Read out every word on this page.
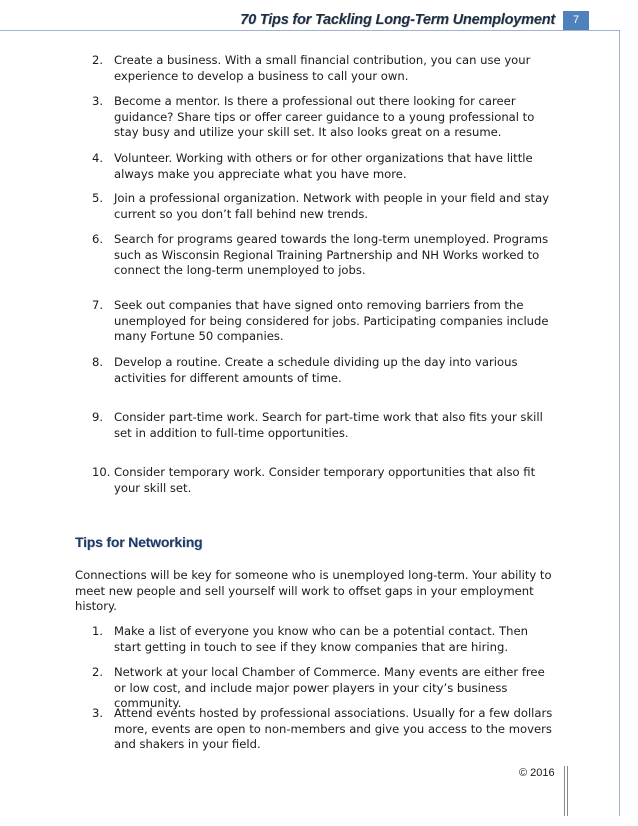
70 Tips for Tackling Long-Term Unemployment	7
2. Create a business. With a small financial contribution, you can use your experience to develop a business to call your own.
3. Become a mentor. Is there a professional out there looking for career guidance? Share tips or offer career guidance to a young professional to stay busy and utilize your skill set. It also looks great on a resume.
4. Volunteer. Working with others or for other organizations that have little always make you appreciate what you have more.
5. Join a professional organization. Network with people in your field and stay current so you don’t fall behind new trends.
6. Search for programs geared towards the long-term unemployed. Programs such as Wisconsin Regional Training Partnership and NH Works worked to connect the long-term unemployed to jobs.
7. Seek out companies that have signed onto removing barriers from the unemployed for being considered for jobs. Participating companies include many Fortune 50 companies.
8. Develop a routine. Create a schedule dividing up the day into various activities for different amounts of time.
9. Consider part-time work. Search for part-time work that also fits your skill set in addition to full-time opportunities.
10. Consider temporary work. Consider temporary opportunities that also fit your skill set.
Tips for Networking
Connections will be key for someone who is unemployed long-term. Your ability to meet new people and sell yourself will work to offset gaps in your employment history.
1. Make a list of everyone you know who can be a potential contact. Then start getting in touch to see if they know companies that are hiring.
2. Network at your local Chamber of Commerce. Many events are either free or low cost, and include major power players in your city’s business community.
3. Attend events hosted by professional associations. Usually for a few dollars more, events are open to non-members and give you access to the movers and shakers in your field.
© 2016
